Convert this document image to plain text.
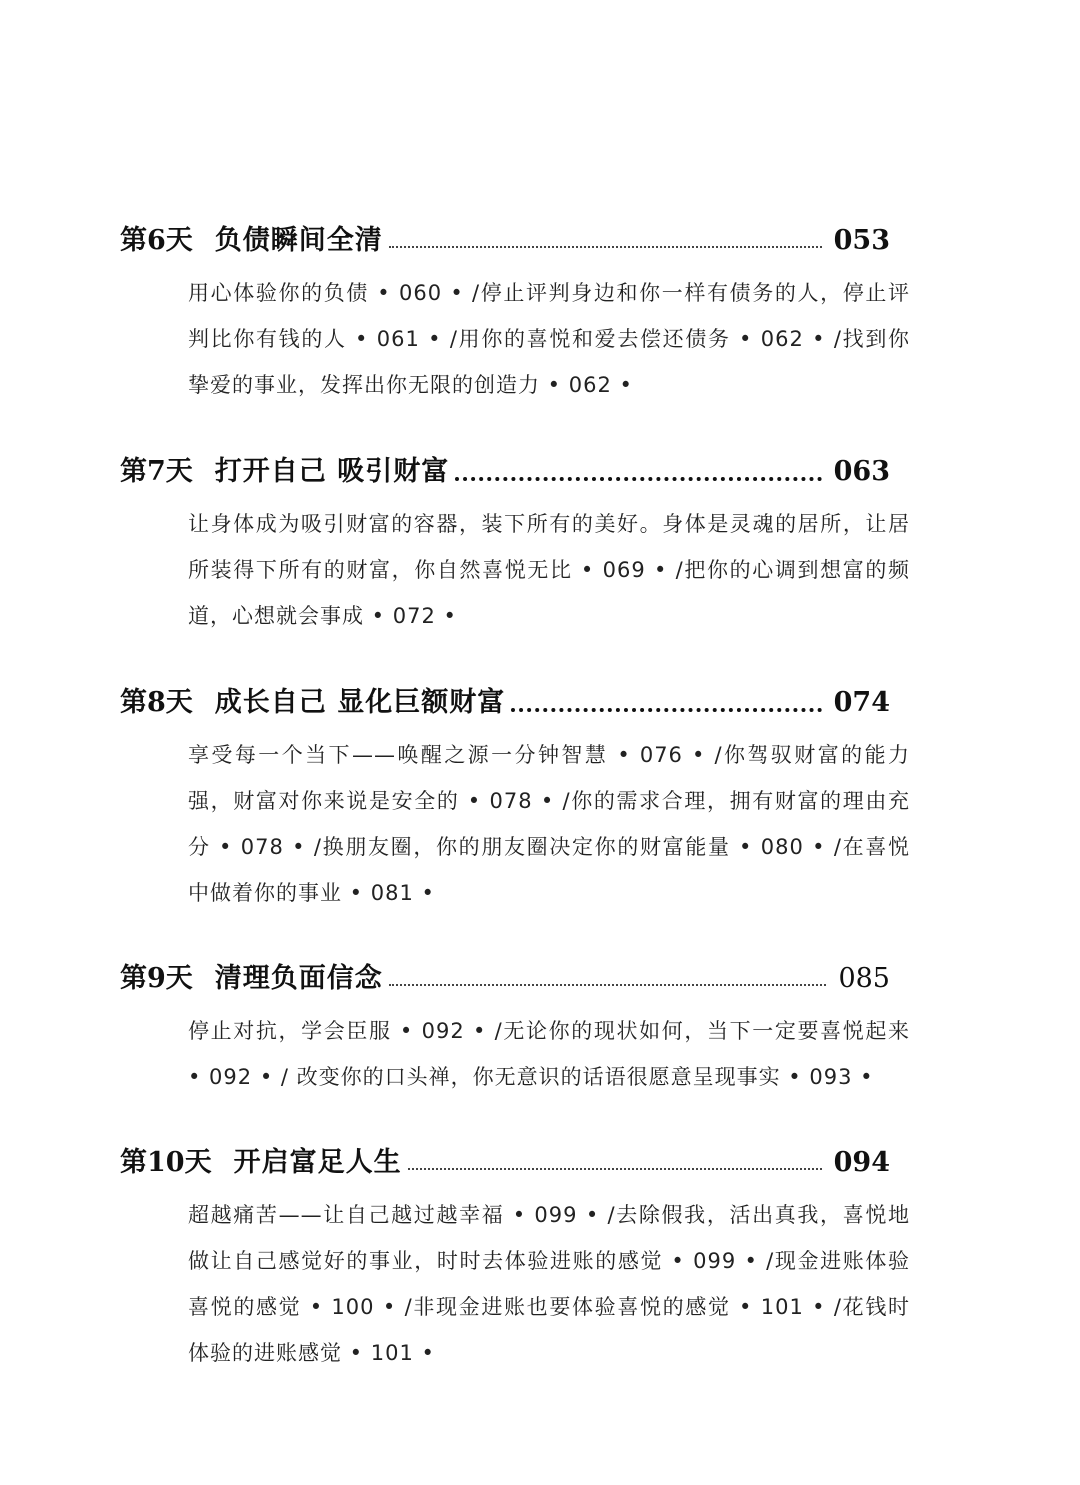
第6天 负债瞬间全清	053
用心体验你的负债 • 060 • /停止评判身边和你一样有债务的人，停止评判比你有钱的人 • 061 • /用你的喜悦和爱去偿还债务 • 062 • /找到你挚爱的事业，发挥出你无限的创造力 • 062 •
第7天 打开自己 吸引财富	063
让身体成为吸引财富的容器，装下所有的美好。身体是灵魂的居所，让居所装得下所有的财富，你自然喜悦无比 • 069 • /把你的心调到想富的频道，心想就会事成 • 072 •
第8天 成长自己 显化巨额财富	074
享受每一个当下——唤醒之源一分钟智慧 • 076 • /你驾驭财富的能力强，财富对你来说是安全的 • 078 • /你的需求合理，拥有财富的理由充分 • 078 • /换朋友圈，你的朋友圈决定你的财富能量 • 080 • /在喜悦中做着你的事业 • 081 •
第9天 清理负面信念	085
停止对抗，学会臣服 • 092 • /无论你的现状如何，当下一定要喜悦起来 • 092 • / 改变你的口头禅，你无意识的话语很愿意呈现事实 • 093 •
第10天 开启富足人生	094
超越痛苦——让自己越过越幸福 • 099 • /去除假我，活出真我，喜悦地做让自己感觉好的事业，时时去体验进账的感觉 • 099 • /现金进账体验喜悦的感觉 • 100 • /非现金进账也要体验喜悦的感觉 • 101 • /花钱时体验的进账感觉 • 101 •
